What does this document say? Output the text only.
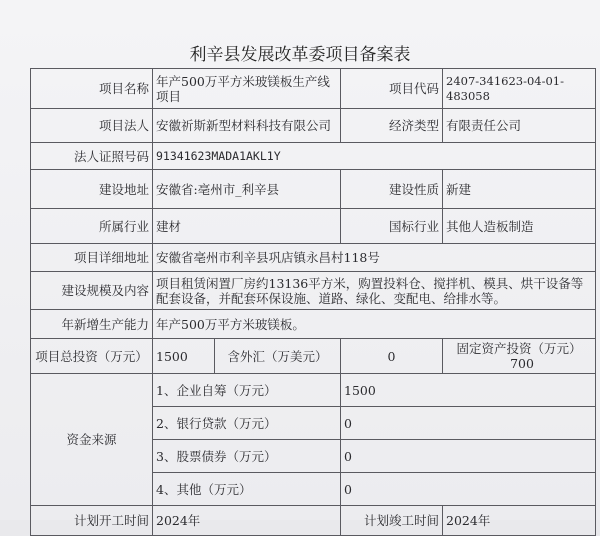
利辛县发展改革委项目备案表
项目名称	年产500万平方米玻镁板生产线项目		项目代码	2407-341623-04-01-483058
项目法人	安徽祈斯新型材料科技有限公司		经济类型	有限责任公司
法人证照号码	91341623MADA1AKL1Y			
建设地址	安徽省:亳州市_利辛县		建设性质	新建
所属行业	建材		国标行业	其他人造板制造
项目详细地址	安徽省亳州市利辛县巩店镇永昌村118号			
建设规模及内容	项目租赁闲置厂房约13136平方米，购置投料仓、搅拌机、模具、烘干设备等配套设备，并配套环保设施、道路、绿化、变配电、给排水等。			
年新增生产能力	年产500万平方米玻镁板。			
项目总投资（万元）	1500	含外汇（万美元）	0	固定资产投资（万元） 700
资金来源	1、企业自筹（万元）		1500	
	2、银行贷款（万元）		0	
	3、股票债券（万元）		0	
	4、其他（万元）		0	
计划开工时间	2024年		计划竣工时间	2024年
